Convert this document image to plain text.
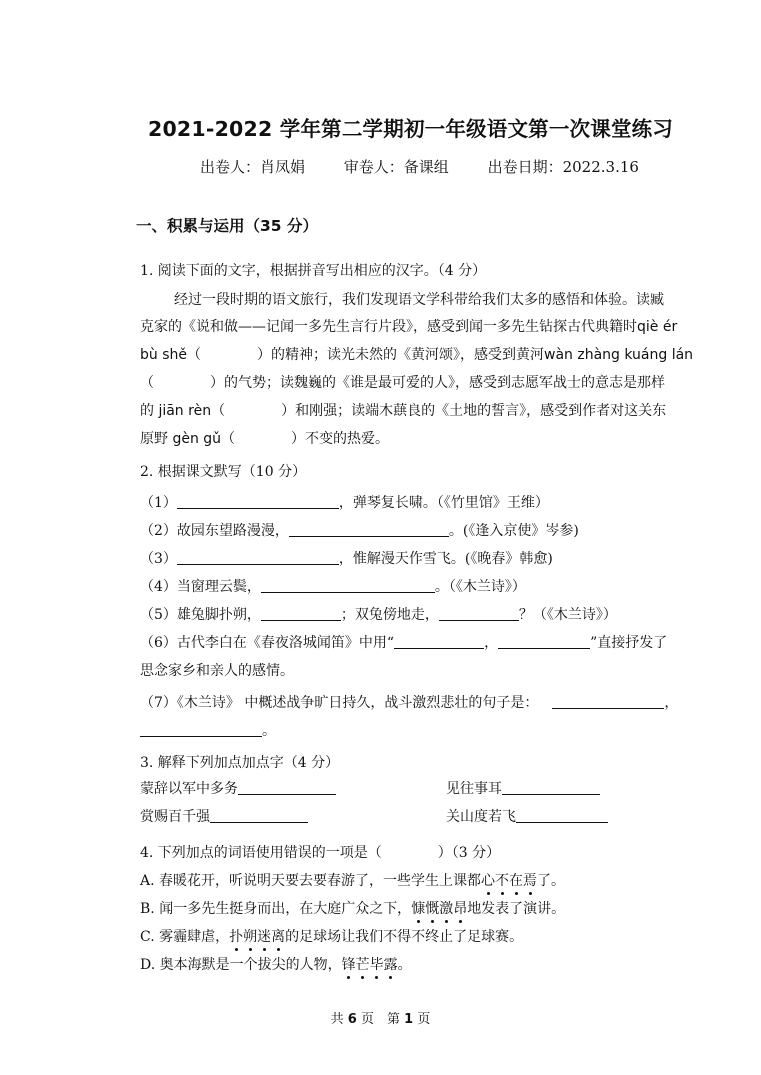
2021-2022 学年第二学期初一年级语文第一次课堂练习
出卷人：肖凤娟	审卷人：备课组	出卷日期：2022.3.16
一、积累与运用（35 分）
1. 阅读下面的文字，根据拼音写出相应的汉字。（4 分）
经过一段时期的语文旅行，我们发现语文学科带给我们太多的感悟和体验。读臧
克家的《说和做——记闻一多先生言行片段》，感受到闻一多先生钻探古代典籍时qiè ér
bù shě（　　　　）的精神；读光未然的《黄河颂》，感受到黄河wàn zhàng kuáng lán
（　　　　）的气势；读魏巍的《谁是最可爱的人》，感受到志愿军战士的意志是那样
的 jiān rèn（　　　　）和刚强；读端木蕻良的《土地的誓言》，感受到作者对这关东
原野 gèn gǔ（　　　　）不变的热爱。
2. 根据课文默写（10 分）
（1）	，弹琴复长啸。（《竹里馆》王维）
（2）故园东望路漫漫，	。(《逢入京使》岑参)
（3）	，惟解漫天作雪飞。(《晚春》韩愈)
（4）当窗理云鬓，	。（《木兰诗》）
（5）雄兔脚扑朔，	；双兔傍地走，	？（《木兰诗》）
（6）古代李白在《春夜洛城闻笛》中用“	，	”直接抒发了
思念家乡和亲人的感情。
（7）《木兰诗》 中概述战争旷日持久，战斗激烈悲壮的句子是：	，
。
3. 解释下列加点加点字（4 分）
蒙辞以军中多务	见往事耳
赏赐百千强	关山度若飞
4. 下列加点的词语使用错误的一项是（　　　　）（3 分）
A. 春暖花开，听说明天要去要春游了，一些学生上课都心不在焉了。
B. 闻一多先生挺身而出，在大庭广众之下，慷慨激昂地发表了演讲。
C. 雾霾肆虐，扑朔迷离的足球场让我们不得不终止了足球赛。
D. 奥本海默是一个拔尖的人物，锋芒毕露。
共 6 页　第 1 页
